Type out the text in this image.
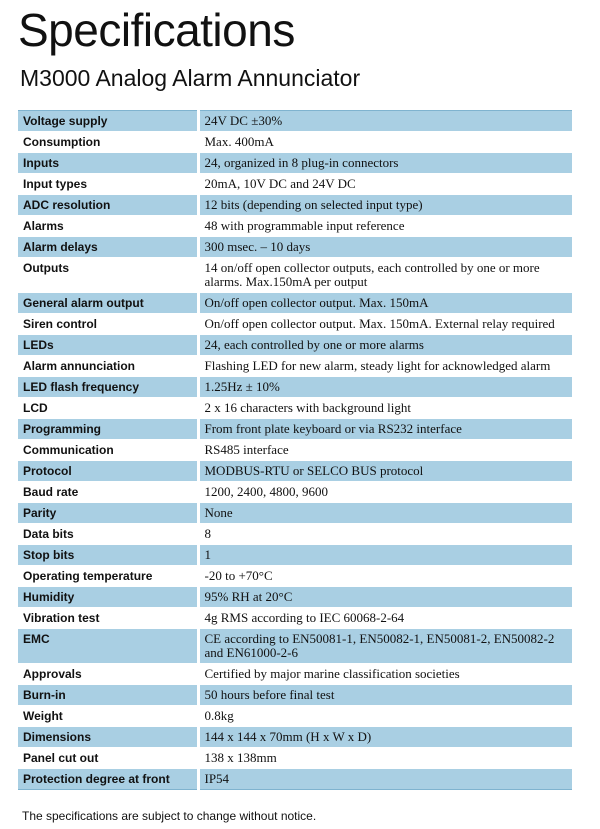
Specifications
M3000 Analog Alarm Annunciator
Voltage supply	24V DC ±30%
Consumption	Max. 400mA
Inputs	24, organized in 8 plug-in connectors
Input types	20mA, 10V DC and 24V DC
ADC resolution	12 bits (depending on selected input type)
Alarms	48 with programmable input reference
Alarm delays	300 msec. – 10 days
Outputs	14 on/off open collector outputs, each controlled by one or more alarms. Max.150mA per output
General alarm output	On/off open collector output. Max. 150mA
Siren control	On/off open collector output. Max. 150mA. External relay required
LEDs	24, each controlled by one or more alarms
Alarm annunciation	Flashing LED for new alarm, steady light for acknowledged alarm
LED flash frequency	1.25Hz ± 10%
LCD	2 x 16 characters with background light
Programming	From front plate keyboard or via RS232 interface
Communication	RS485 interface
Protocol	MODBUS-RTU or SELCO BUS protocol
Baud rate	1200, 2400, 4800, 9600
Parity	None
Data bits	8
Stop bits	1
Operating temperature	-20 to +70°C
Humidity	95% RH at 20°C
Vibration test	4g RMS according to IEC 60068-2-64
EMC	CE according to EN50081-1, EN50082-1, EN50081-2, EN50082-2 and EN61000-2-6
Approvals	Certified by major marine classification societies
Burn-in	50 hours before final test
Weight	0.8kg
Dimensions	144 x 144 x 70mm (H x W x D)
Panel cut out	138 x 138mm
Protection degree at front	IP54
The specifications are subject to change without notice.
